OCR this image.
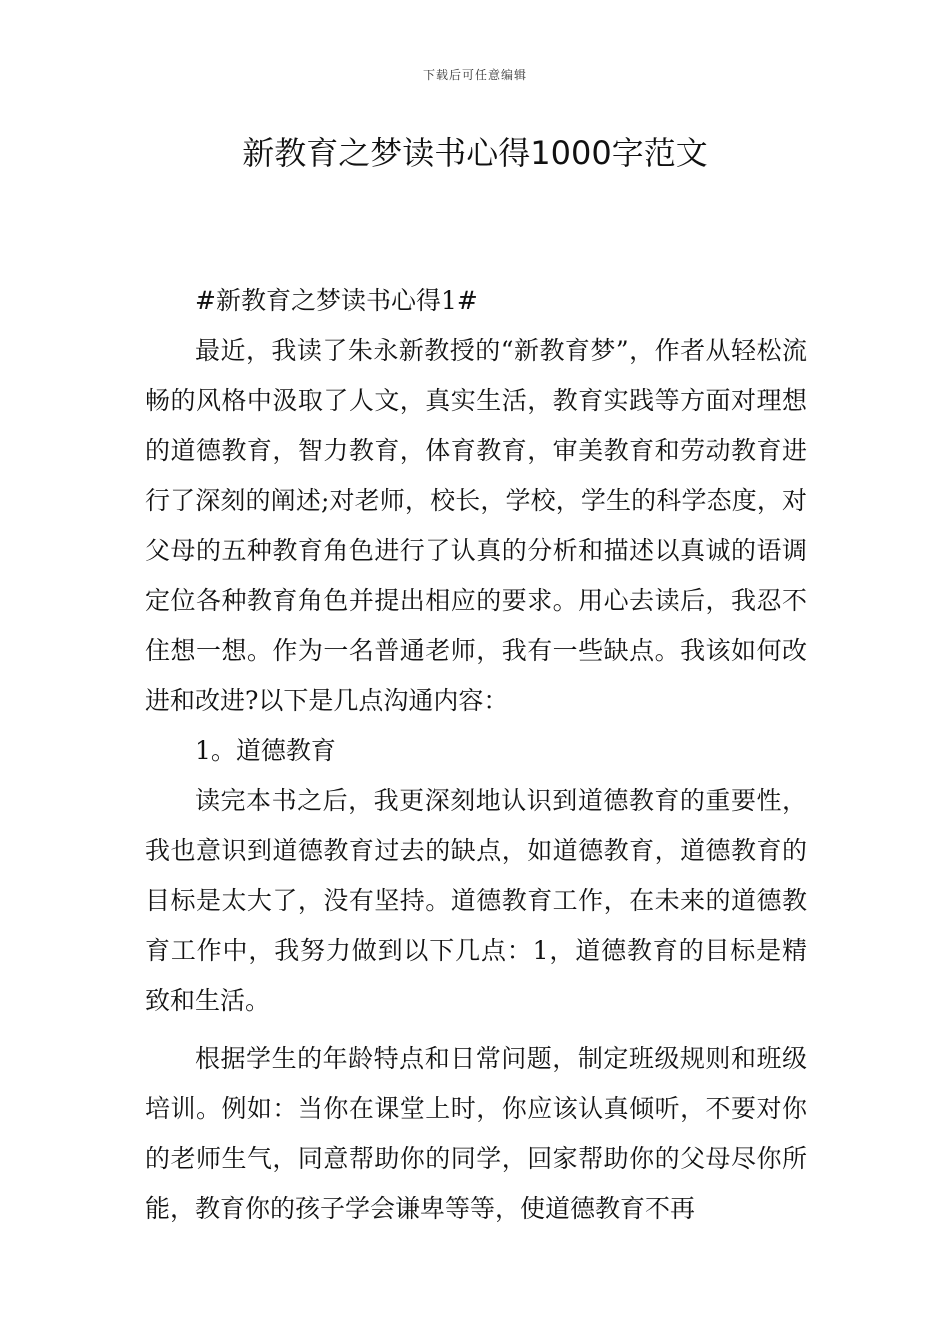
下载后可任意编辑
新教育之梦读书心得1000字范文

#新教育之梦读书心得1#

最近，我读了朱永新教授的“新教育梦”，作者从轻松流畅的风格中汲取了人文，真实生活，教育实践等方面对理想的道德教育，智力教育，体育教育，审美教育和劳动教育进行了深刻的阐述;对老师，校长，学校，学生的科学态度，对父母的五种教育角色进行了认真的分析和描述以真诚的语调定位各种教育角色并提出相应的要求。用心去读后，我忍不住想一想。作为一名普通老师，我有一些缺点。我该如何改进和改进?以下是几点沟通内容：

1。道德教育

读完本书之后，我更深刻地认识到道德教育的重要性，我也意识到道德教育过去的缺点，如道德教育，道德教育的目标是太大了，没有坚持。道德教育工作，在未来的道德教育工作中，我努力做到以下几点：1，道德教育的目标是精致和生活。

根据学生的年龄特点和日常问题，制定班级规则和班级培训。例如：当你在课堂上时，你应该认真倾听，不要对你的老师生气，同意帮助你的同学，回家帮助你的父母尽你所能，教育你的孩子学会谦卑等等，使道德教育不再
